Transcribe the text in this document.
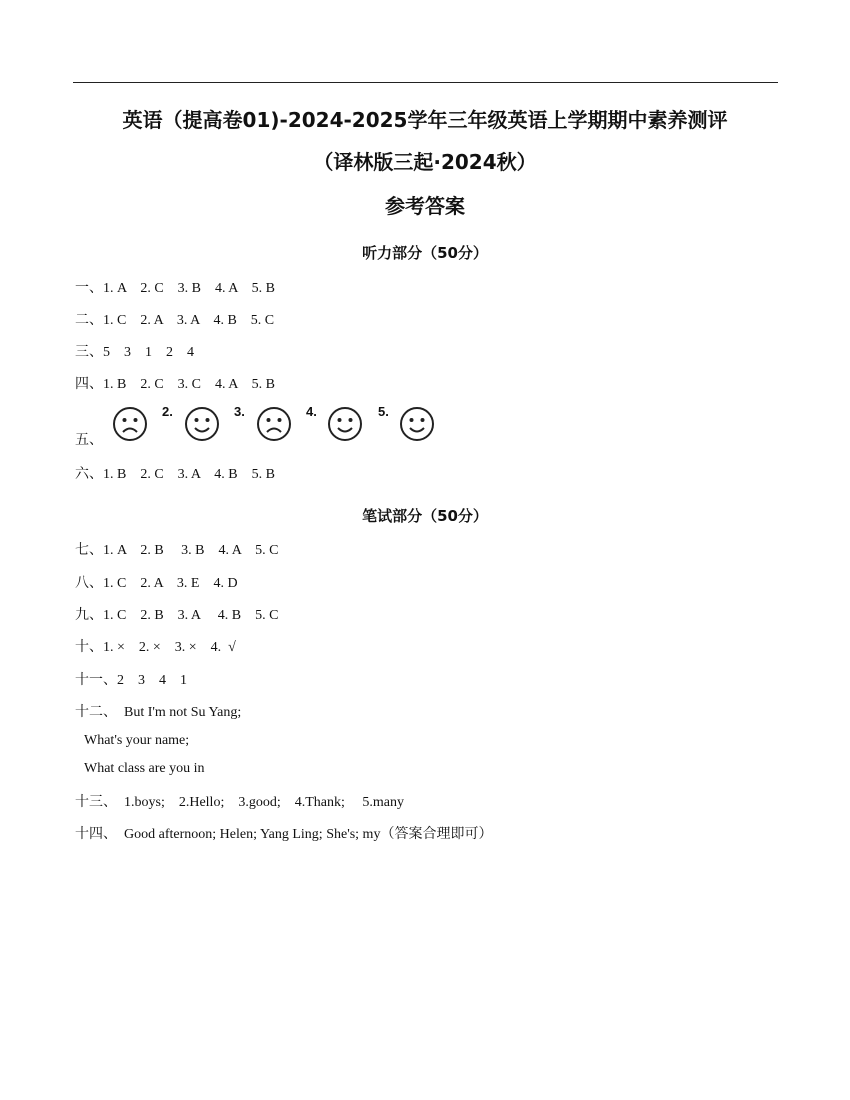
英语（提高卷01)-2024-2025学年三年级英语上学期期中素养测评
（译林版三起·2024秋）
参考答案
听力部分（50分）
一、1. A    2. C    3. B    4. A    5. B
二、1. C    2. A    3. A    4. B    5. C
三、5    3    1    2    4
四、1. B    2. C    3. C    4. A    5. B
五、
2.	3.	4.	5.
六、1. B    2. C    3. A    4. B    5. B
笔试部分（50分）
七、1. A    2. B     3. B    4. A    5. C
八、1. C    2. A    3. E    4. D
九、1. C    2. B    3. A     4. B    5. C
十、1. ×    2. ×    3. ×    4.  √
十一、2    3    4    1
十二、  But I'm not Su Yang;
What's your name;
What class are you in
十三、  1.boys;    2.Hello;    3.good;    4.Thank;     5.many
十四、  Good afternoon; Helen; Yang Ling; She's; my（答案合理即可）
